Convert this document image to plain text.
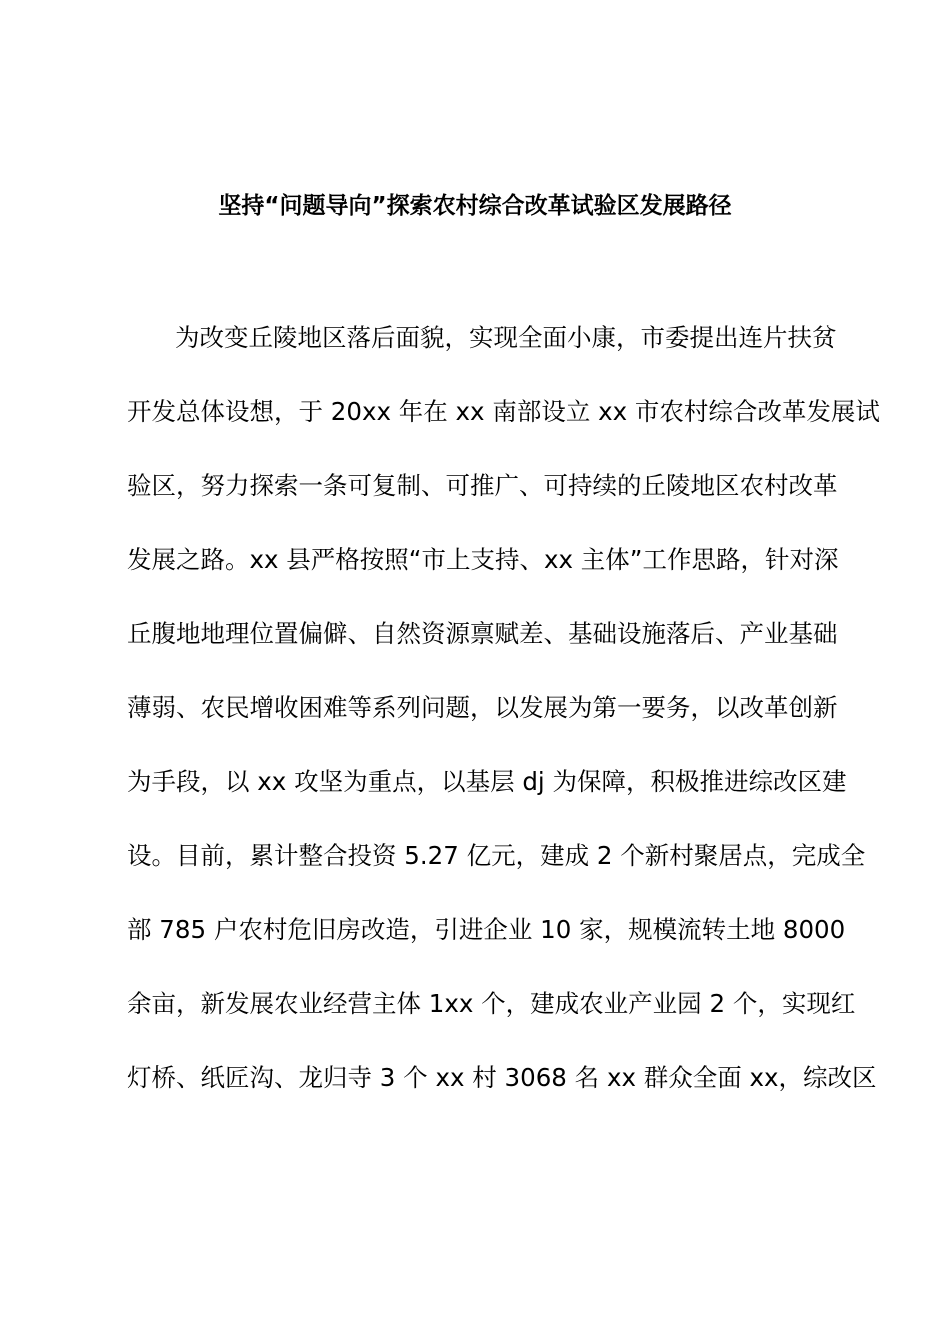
坚持“问题导向”探索农村综合改革试验区发展路径
为改变丘陵地区落后面貌，实现全面小康，市委提出连片扶贫
开发总体设想，于 20xx 年在 xx 南部设立 xx 市农村综合改革发展试
验区，努力探索一条可复制、可推广、可持续的丘陵地区农村改革
发展之路。xx 县严格按照“市上支持、xx 主体”工作思路，针对深
丘腹地地理位置偏僻、自然资源禀赋差、基础设施落后、产业基础
薄弱、农民增收困难等系列问题，以发展为第一要务，以改革创新
为手段，以 xx 攻坚为重点，以基层 dj 为保障，积极推进综改区建
设。目前，累计整合投资 5.27 亿元，建成 2 个新村聚居点，完成全
部 785 户农村危旧房改造，引进企业 10 家，规模流转土地 8000
余亩，新发展农业经营主体 1xx 个，建成农业产业园 2 个，实现红
灯桥、纸匠沟、龙归寺 3 个 xx 村 3068 名 xx 群众全面 xx，综改区
